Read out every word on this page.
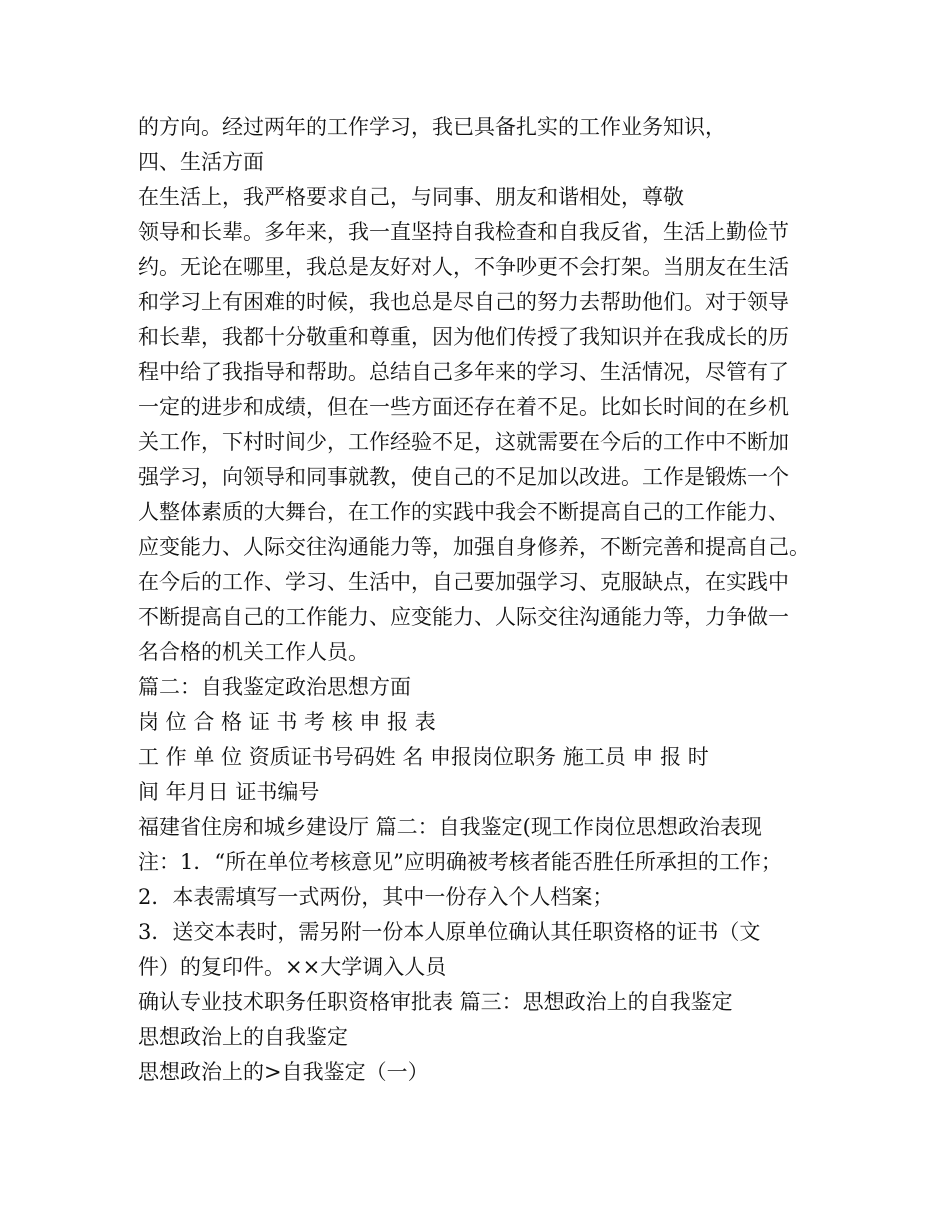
的方向。经过两年的工作学习，我已具备扎实的工作业务知识，
四、生活方面
在生活上，我严格要求自己，与同事、朋友和谐相处，尊敬
领导和长辈。多年来，我一直坚持自我检查和自我反省，生活上勤俭节
约。无论在哪里，我总是友好对人，不争吵更不会打架。当朋友在生活
和学习上有困难的时候，我也总是尽自己的努力去帮助他们。对于领导
和长辈，我都十分敬重和尊重，因为他们传授了我知识并在我成长的历
程中给了我指导和帮助。总结自己多年来的学习、生活情况，尽管有了
一定的进步和成绩，但在一些方面还存在着不足。比如长时间的在乡机
关工作，下村时间少，工作经验不足，这就需要在今后的工作中不断加
强学习，向领导和同事就教，使自己的不足加以改进。工作是锻炼一个
人整体素质的大舞台，在工作的实践中我会不断提高自己的工作能力、
应变能力、人际交往沟通能力等，加强自身修养，不断完善和提高自己。
在今后的工作、学习、生活中，自己要加强学习、克服缺点，在实践中
不断提高自己的工作能力、应变能力、人际交往沟通能力等，力争做一
名合格的机关工作人员。
篇二：自我鉴定政治思想方面
岗 位 合 格 证 书 考 核 申 报 表
工 作 单 位 资质证书号码姓 名 申报岗位职务 施工员 申 报 时
间 年月日 证书编号
福建省住房和城乡建设厅 篇二：自我鉴定(现工作岗位思想政治表现
注：1．“所在单位考核意见”应明确被考核者能否胜任所承担的工作；
2．本表需填写一式两份，其中一份存入个人档案；
3．送交本表时，需另附一份本人原单位确认其任职资格的证书（文
件）的复印件。××大学调入人员
确认专业技术职务任职资格审批表 篇三：思想政治上的自我鉴定
思想政治上的自我鉴定
思想政治上的>自我鉴定（一）
